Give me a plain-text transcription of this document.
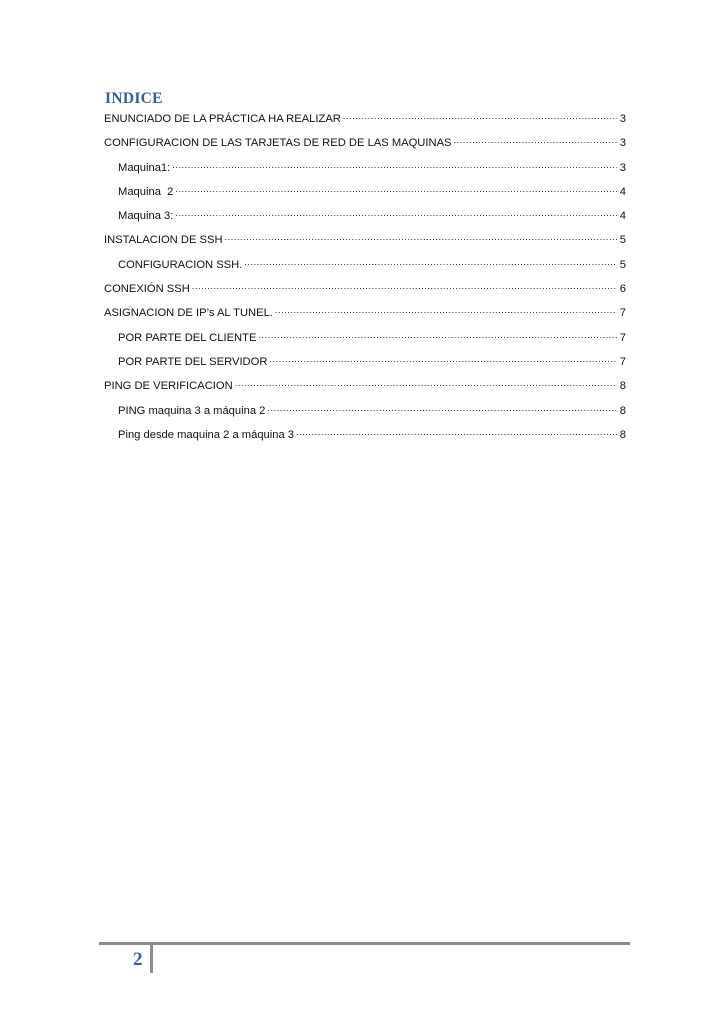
INDICE
ENUNCIADO DE LA PRÁCTICA HA REALIZAR .....	3
CONFIGURACION DE LAS TARJETAS DE RED DE LAS MAQUINAS .....	3
Maquina1: .....	3
Maquina  2 .....	4
Maquina 3: .....	4
INSTALACION DE SSH .....	5
CONFIGURACION SSH. .....	5
CONEXIÓN SSH .....	6
ASIGNACION DE IP’s AL TUNEL. .....	7
POR PARTE DEL CLIENTE .....	7
POR PARTE DEL SERVIDOR .....	7
PING DE VERIFICACION .....	8
PING maquina 3 a máquina 2 .....	8
Ping desde maquina 2 a máquina 3 .....	8
2
